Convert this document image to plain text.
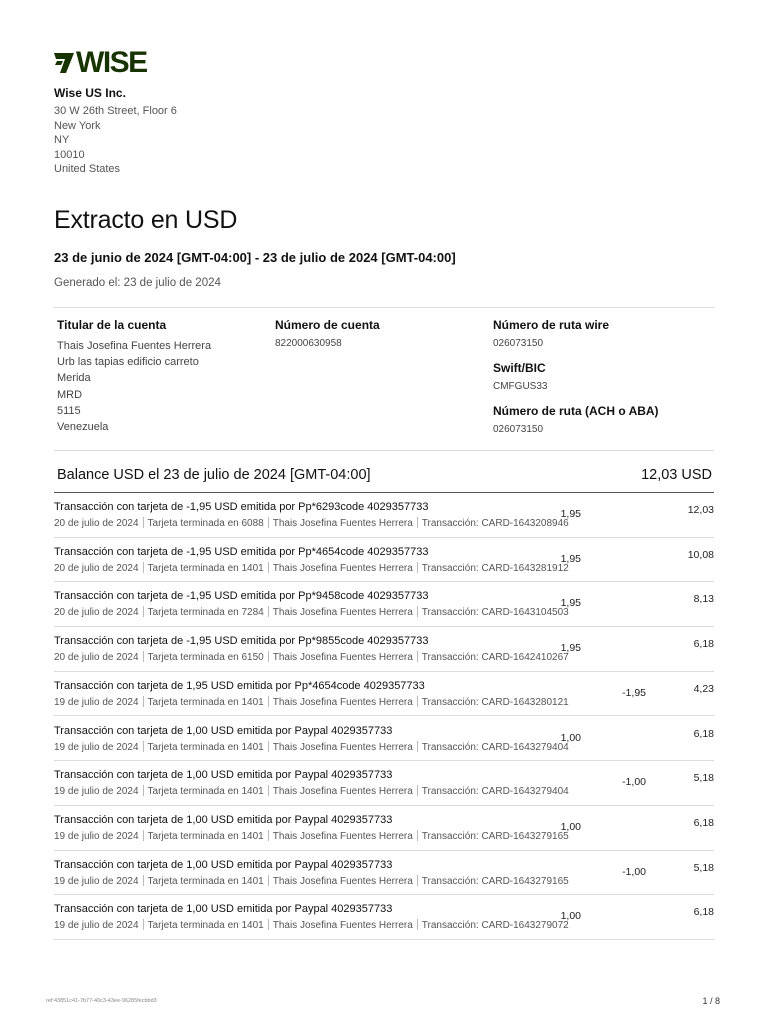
WISE
Wise US Inc.
30 W 26th Street, Floor 6
New York
NY
10010
United States
Extracto en USD
23 de junio de 2024 [GMT-04:00] - 23 de julio de 2024 [GMT-04:00]
Generado el: 23 de julio de 2024
Titular de la cuenta
Thais Josefina Fuentes Herrera
Urb las tapias edificio carreto
Merida
MRD
5115
Venezuela
Número de cuenta
822000630958
Número de ruta wire
026073150
Swift/BIC
CMFGUS33
Número de ruta (ACH o ABA)
026073150
Balance USD el 23 de julio de 2024 [GMT-04:00]	12,03 USD
Transacción con tarjeta de -1,95 USD emitida por Pp*6293code 4029357733
20 de julio de 2024 Tarjeta terminada en 6088 Thais Josefina Fuentes Herrera Transacción: CARD-1643208946
1,95	12,03
Transacción con tarjeta de -1,95 USD emitida por Pp*4654code 4029357733
20 de julio de 2024 Tarjeta terminada en 1401 Thais Josefina Fuentes Herrera Transacción: CARD-1643281912
1,95	10,08
Transacción con tarjeta de -1,95 USD emitida por Pp*9458code 4029357733
20 de julio de 2024 Tarjeta terminada en 7284 Thais Josefina Fuentes Herrera Transacción: CARD-1643104503
1,95	8,13
Transacción con tarjeta de -1,95 USD emitida por Pp*9855code 4029357733
20 de julio de 2024 Tarjeta terminada en 6150 Thais Josefina Fuentes Herrera Transacción: CARD-1642410267
1,95	6,18
Transacción con tarjeta de 1,95 USD emitida por Pp*4654code 4029357733
19 de julio de 2024 Tarjeta terminada en 1401 Thais Josefina Fuentes Herrera Transacción: CARD-1643280121
-1,95	4,23
Transacción con tarjeta de 1,00 USD emitida por Paypal 4029357733
19 de julio de 2024 Tarjeta terminada en 1401 Thais Josefina Fuentes Herrera Transacción: CARD-1643279404
1,00	6,18
Transacción con tarjeta de 1,00 USD emitida por Paypal 4029357733
19 de julio de 2024 Tarjeta terminada en 1401 Thais Josefina Fuentes Herrera Transacción: CARD-1643279404
-1,00	5,18
Transacción con tarjeta de 1,00 USD emitida por Paypal 4029357733
19 de julio de 2024 Tarjeta terminada en 1401 Thais Josefina Fuentes Herrera Transacción: CARD-1643279165
1,00	6,18
Transacción con tarjeta de 1,00 USD emitida por Paypal 4029357733
19 de julio de 2024 Tarjeta terminada en 1401 Thais Josefina Fuentes Herrera Transacción: CARD-1643279165
-1,00	5,18
Transacción con tarjeta de 1,00 USD emitida por Paypal 4029357733
19 de julio de 2024 Tarjeta terminada en 1401 Thais Josefina Fuentes Herrera Transacción: CARD-1643279072
1,00	6,18
ref:43851c41-7b77-40c3-43ee-96285fecbbd3	1 / 8
